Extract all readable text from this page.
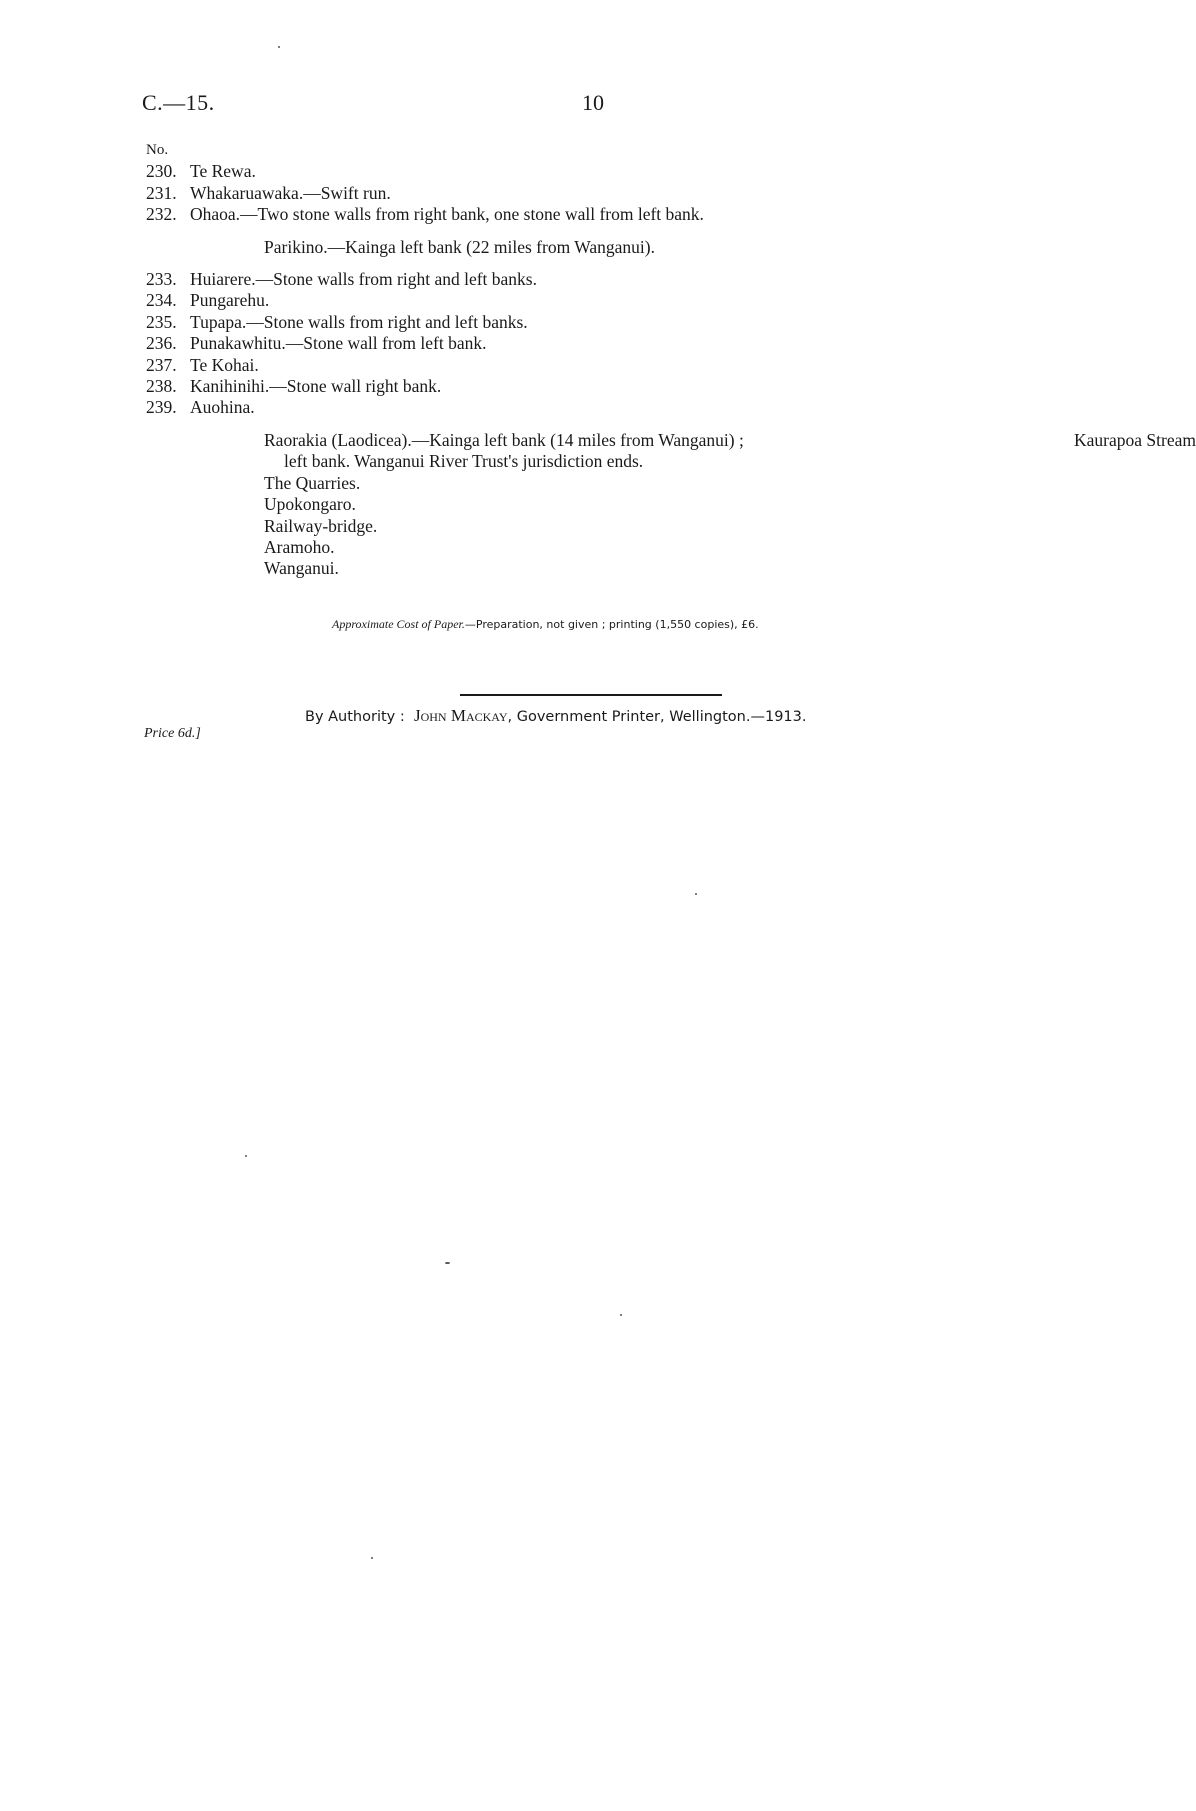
C.—15.	10
No.
230. Te Rewa.
231. Whakaruawaka.—Swift run.
232. Ohaoa.—Two stone walls from right bank, one stone wall from left bank.
Parikino.—Kainga left bank (22 miles from Wanganui).
233. Huiarere.—Stone walls from right and left banks.
234. Pungarehu.
235. Tupapa.—Stone walls from right and left banks.
236. Punakawhitu.—Stone wall from left bank.
237. Te Kohai.
238. Kanihinihi.—Stone wall right bank.
239. Auohina.
Raorakia (Laodicea).—Kainga left bank (14 miles from Wanganui) ;	Kaurapoa Stream
left bank. Wanganui River Trust's jurisdiction ends.
The Quarries.
Upokongaro.
Railway-bridge.
Aramoho.
Wanganui.
Approximate Cost of Paper.—Preparation, not given ; printing (1,550 copies), £6.
Price 6d.]
By Authority : John Mackay, Government Printer, Wellington.—1913.
